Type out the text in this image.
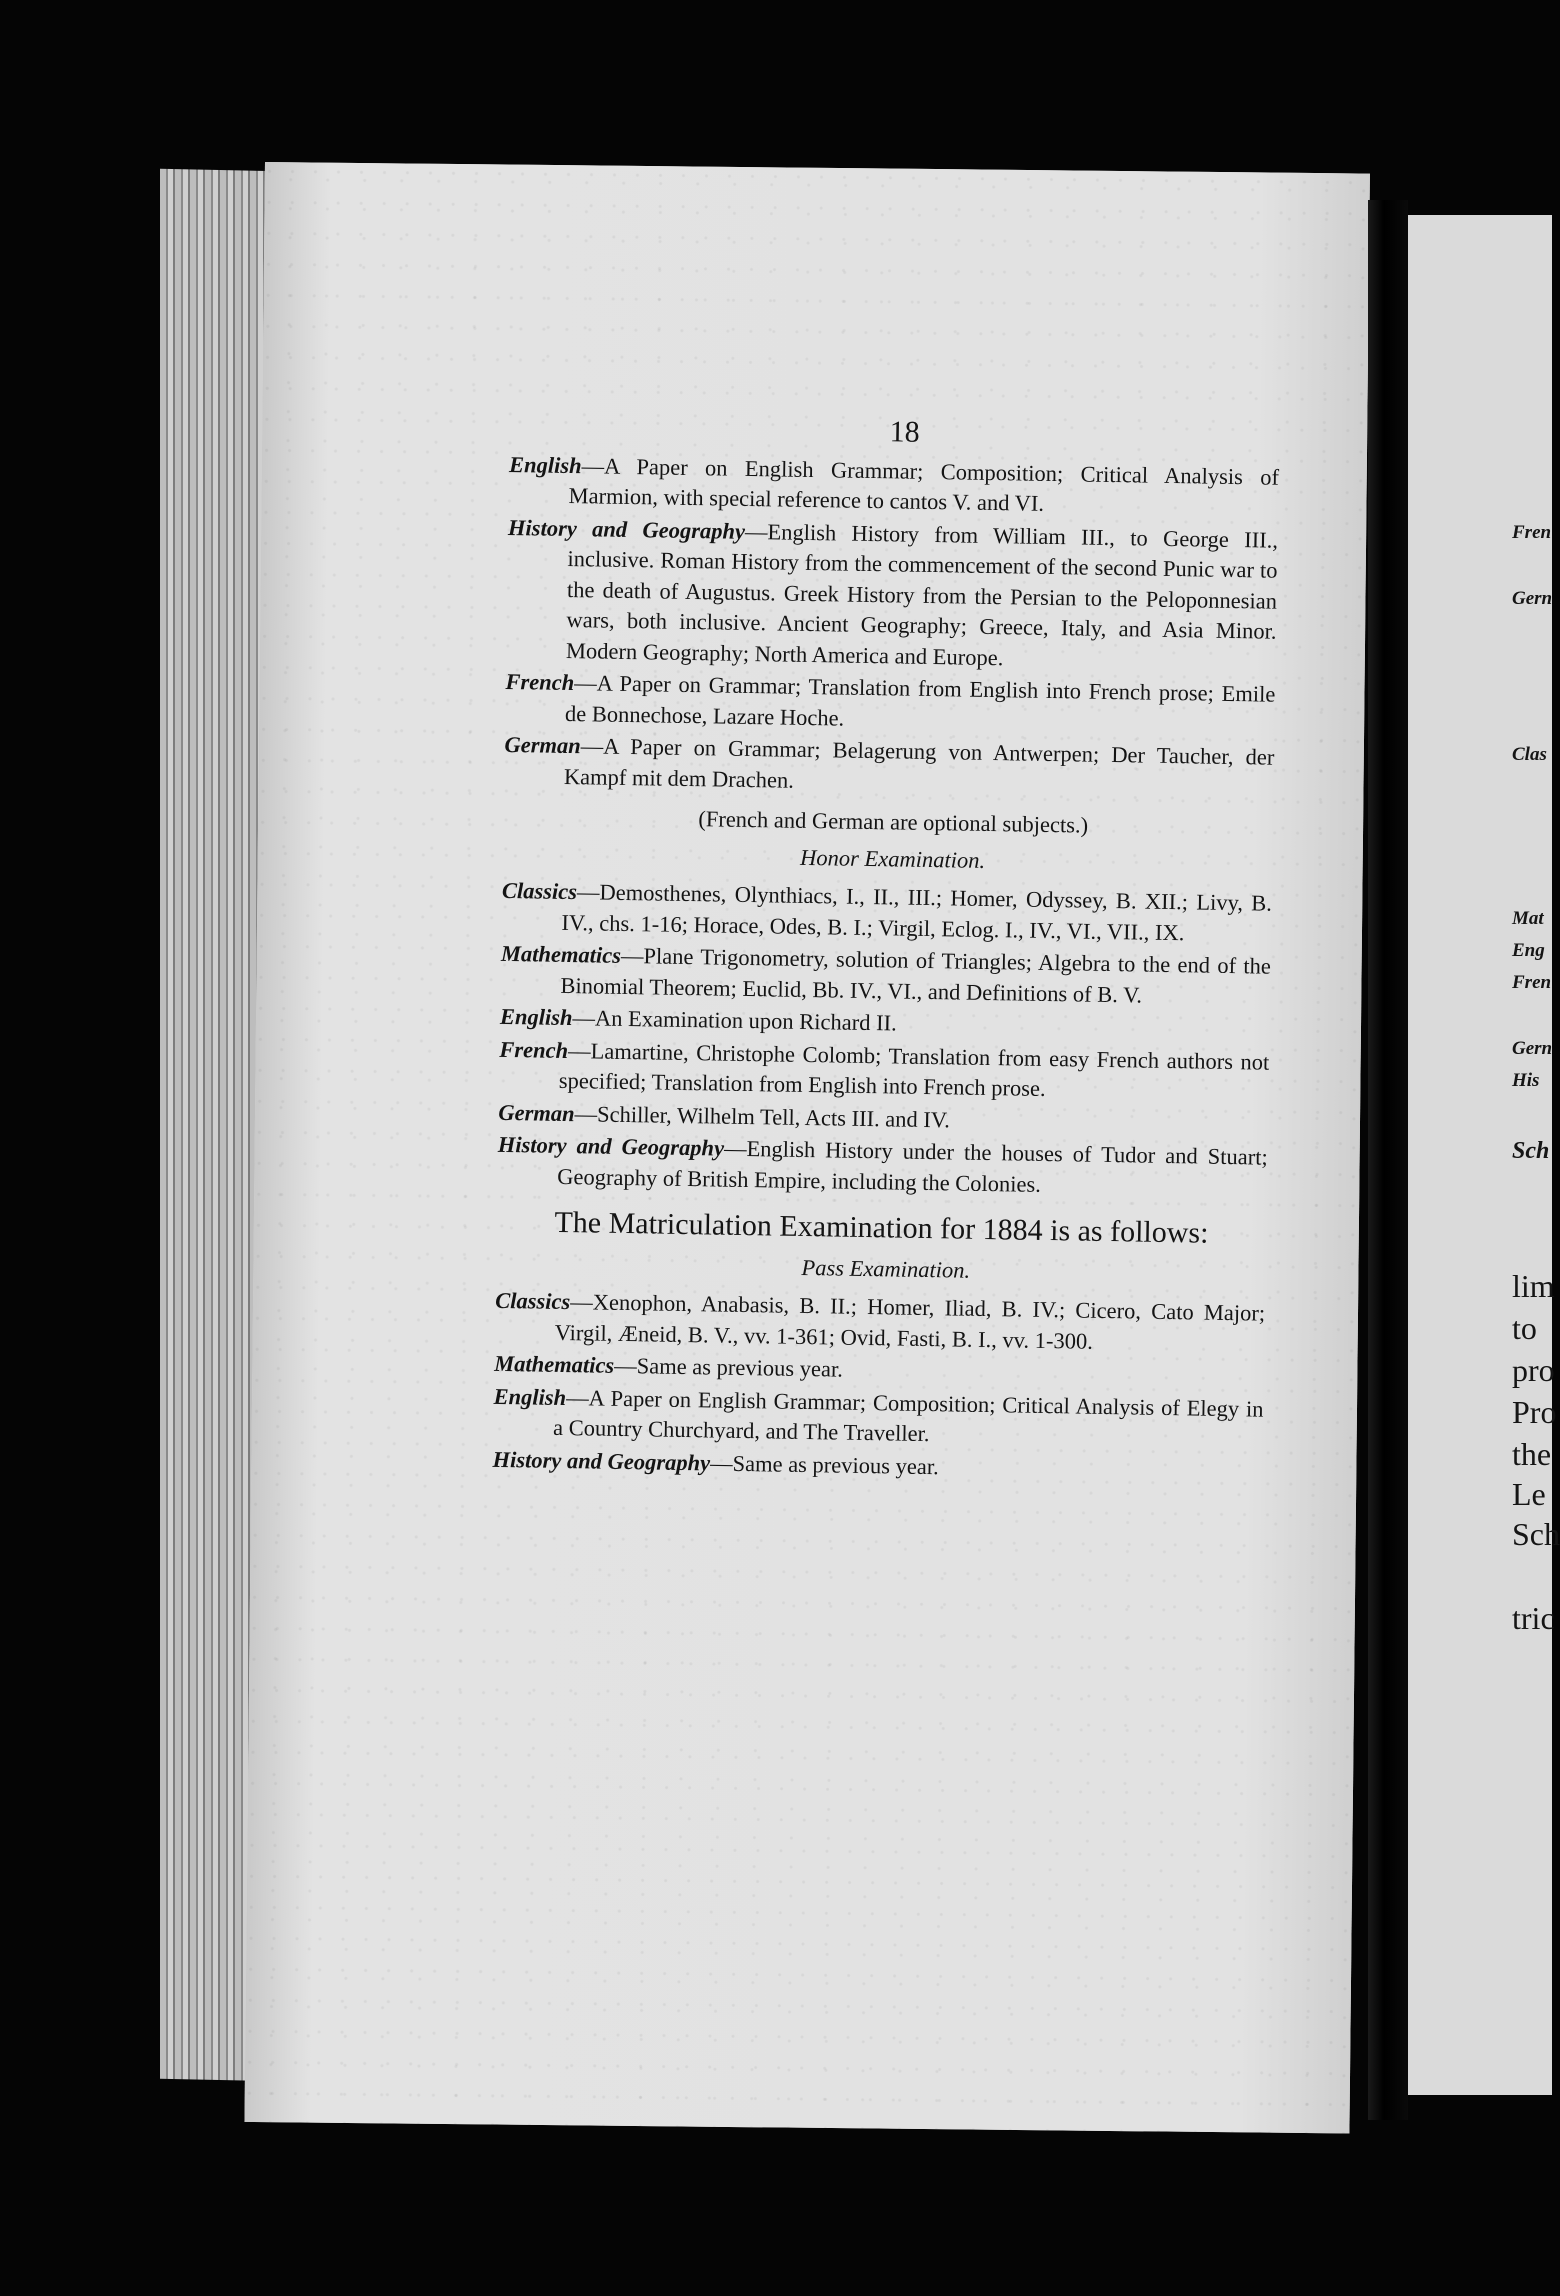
Fren
Gern
Clas
Mat
Eng
Fren
Gern
His
Sch
lim
to
pro
Pro
the
Le
Sch
tric
18
English—A Paper on English Grammar; Composition; Critical Analysis of Marmion, with special reference to cantos V. and VI.
History and Geography—English History from William III., to George III., inclusive. Roman History from the commencement of the second Punic war to the death of Augustus. Greek History from the Persian to the Peloponnesian wars, both inclusive. Ancient Geography; Greece, Italy, and Asia Minor. Modern Geography; North America and Europe.
French—A Paper on Grammar; Translation from English into French prose; Emile de Bonnechose, Lazare Hoche.
German—A Paper on Grammar; Belagerung von Antwerpen; Der Taucher, der Kampf mit dem Drachen.
(French and German are optional subjects.)
Honor Examination.
Classics—Demosthenes, Olynthiacs, I., II., III.; Homer, Odyssey, B. XII.; Livy, B. IV., chs. 1-16; Horace, Odes, B. I.; Virgil, Eclog. I., IV., VI., VII., IX.
Mathematics—Plane Trigonometry, solution of Triangles; Algebra to the end of the Binomial Theorem; Euclid, Bb. IV., VI., and Definitions of B. V.
English—An Examination upon Richard II.
French—Lamartine, Christophe Colomb; Translation from easy French authors not specified; Translation from English into French prose.
German—Schiller, Wilhelm Tell, Acts III. and IV.
History and Geography—English History under the houses of Tudor and Stuart; Geography of British Empire, including the Colonies.
The Matriculation Examination for 1884 is as follows:
Pass Examination.
Classics—Xenophon, Anabasis, B. II.; Homer, Iliad, B. IV.; Cicero, Cato Major; Virgil, Æneid, B. V., vv. 1-361; Ovid, Fasti, B. I., vv. 1-300.
Mathematics—Same as previous year.
English—A Paper on English Grammar; Composition; Critical Analysis of Elegy in a Country Churchyard, and The Traveller.
History and Geography—Same as previous year.
